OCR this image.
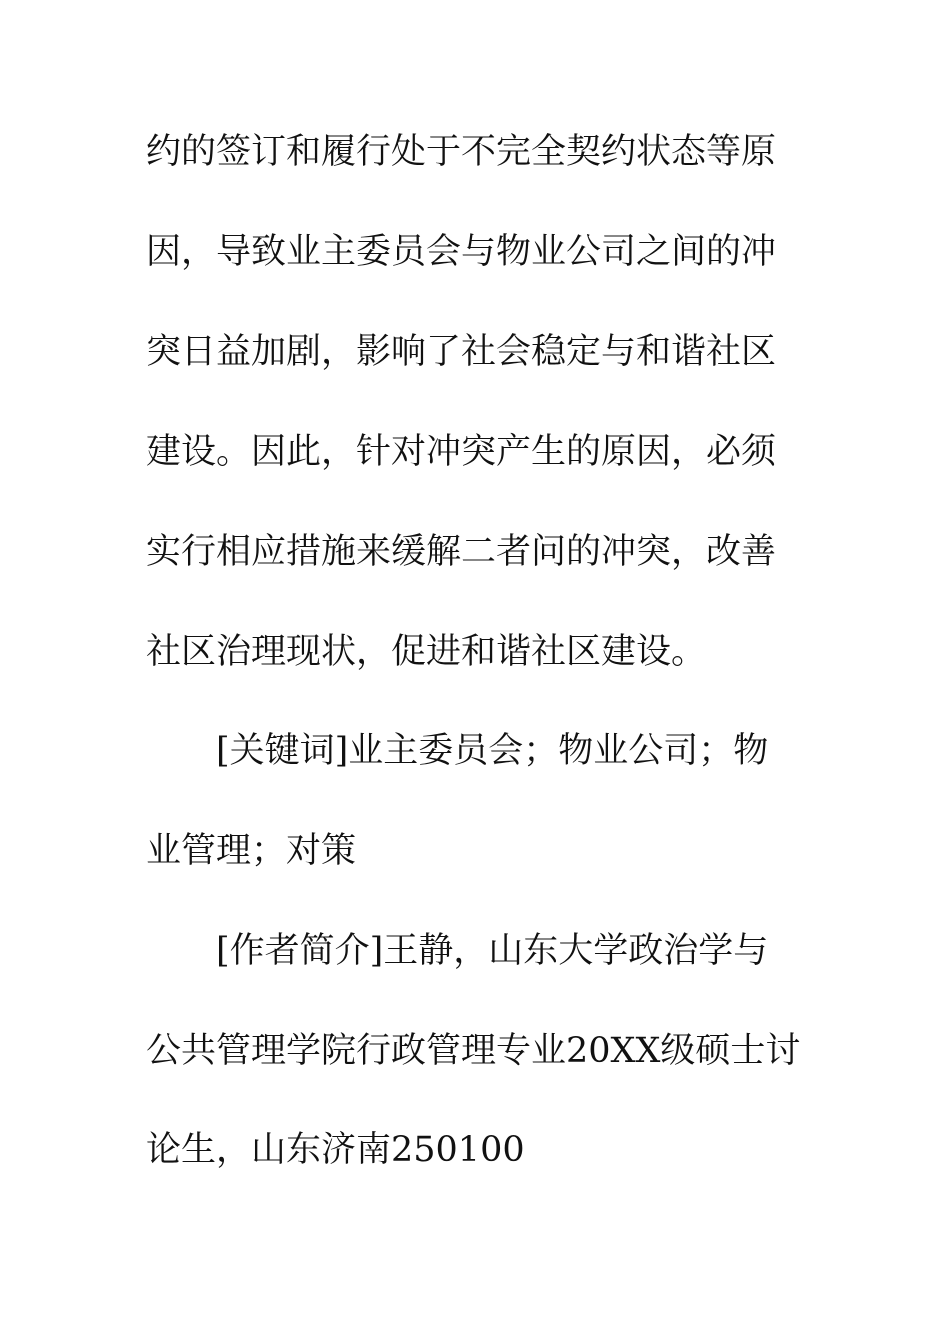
约的签订和履行处于不完全契约状态等原
因，导致业主委员会与物业公司之间的冲
突日益加剧，影响了社会稳定与和谐社区
建设。因此，针对冲突产生的原因，必须
实行相应措施来缓解二者问的冲突，改善
社区治理现状，促进和谐社区建设。
[关键词]业主委员会；物业公司；物
业管理；对策
[作者简介]王静，山东大学政治学与
公共管理学院行政管理专业20XX级硕士讨
论生，山东济南250100
